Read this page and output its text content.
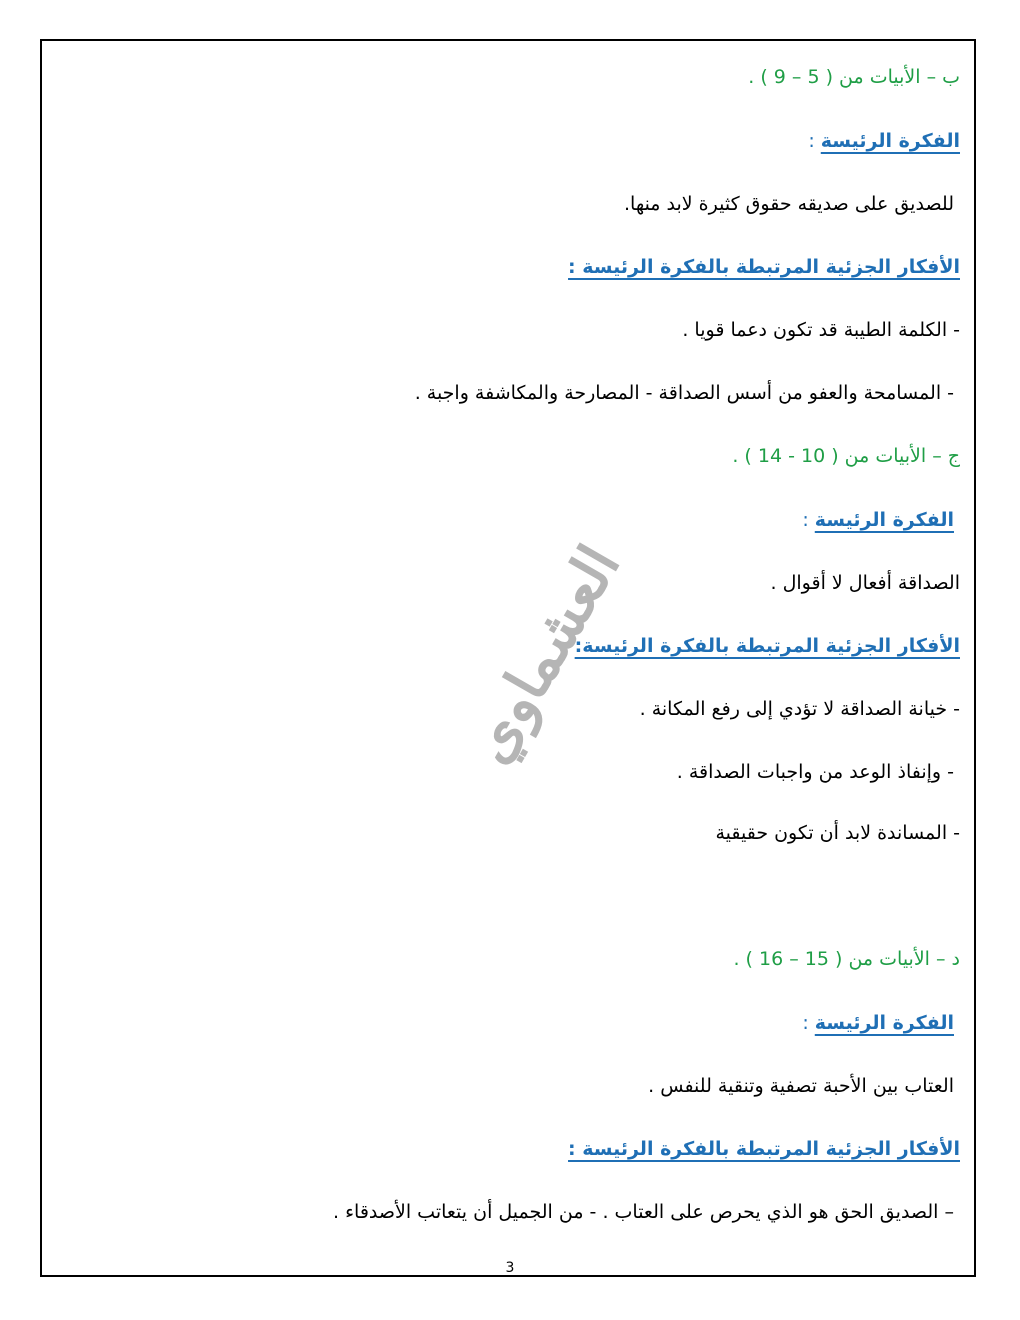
ب – الأبيات من ( 5 – 9 ) .
الفكرة الرئيسة :
للصديق على صديقه حقوق كثيرة لابد منها.
الأفكار الجزئية المرتبطة بالفكرة الرئيسة :
- الكلمة الطيبة قد تكون دعما قويا .
- المسامحة والعفو من أسس الصداقة - المصارحة والمكاشفة واجبة .
ج – الأبيات من ( 10 - 14 ) .
الفكرة الرئيسة :
الصداقة أفعال لا أقوال .
الأفكار الجزئية المرتبطة بالفكرة الرئيسة:
- خيانة الصداقة لا تؤدي إلى رفع المكانة .
- وإنفاذ الوعد من واجبات الصداقة .
- المساندة لابد أن تكون حقيقية
د – الأبيات من ( 15 – 16 ) .
الفكرة الرئيسة :
العتاب بين الأحبة تصفية وتنقية للنفس .
الأفكار الجزئية المرتبطة بالفكرة الرئيسة :
– الصديق الحق هو الذي يحرص على العتاب . - من الجميل أن يتعاتب الأصدقاء .
العشماوي
3
